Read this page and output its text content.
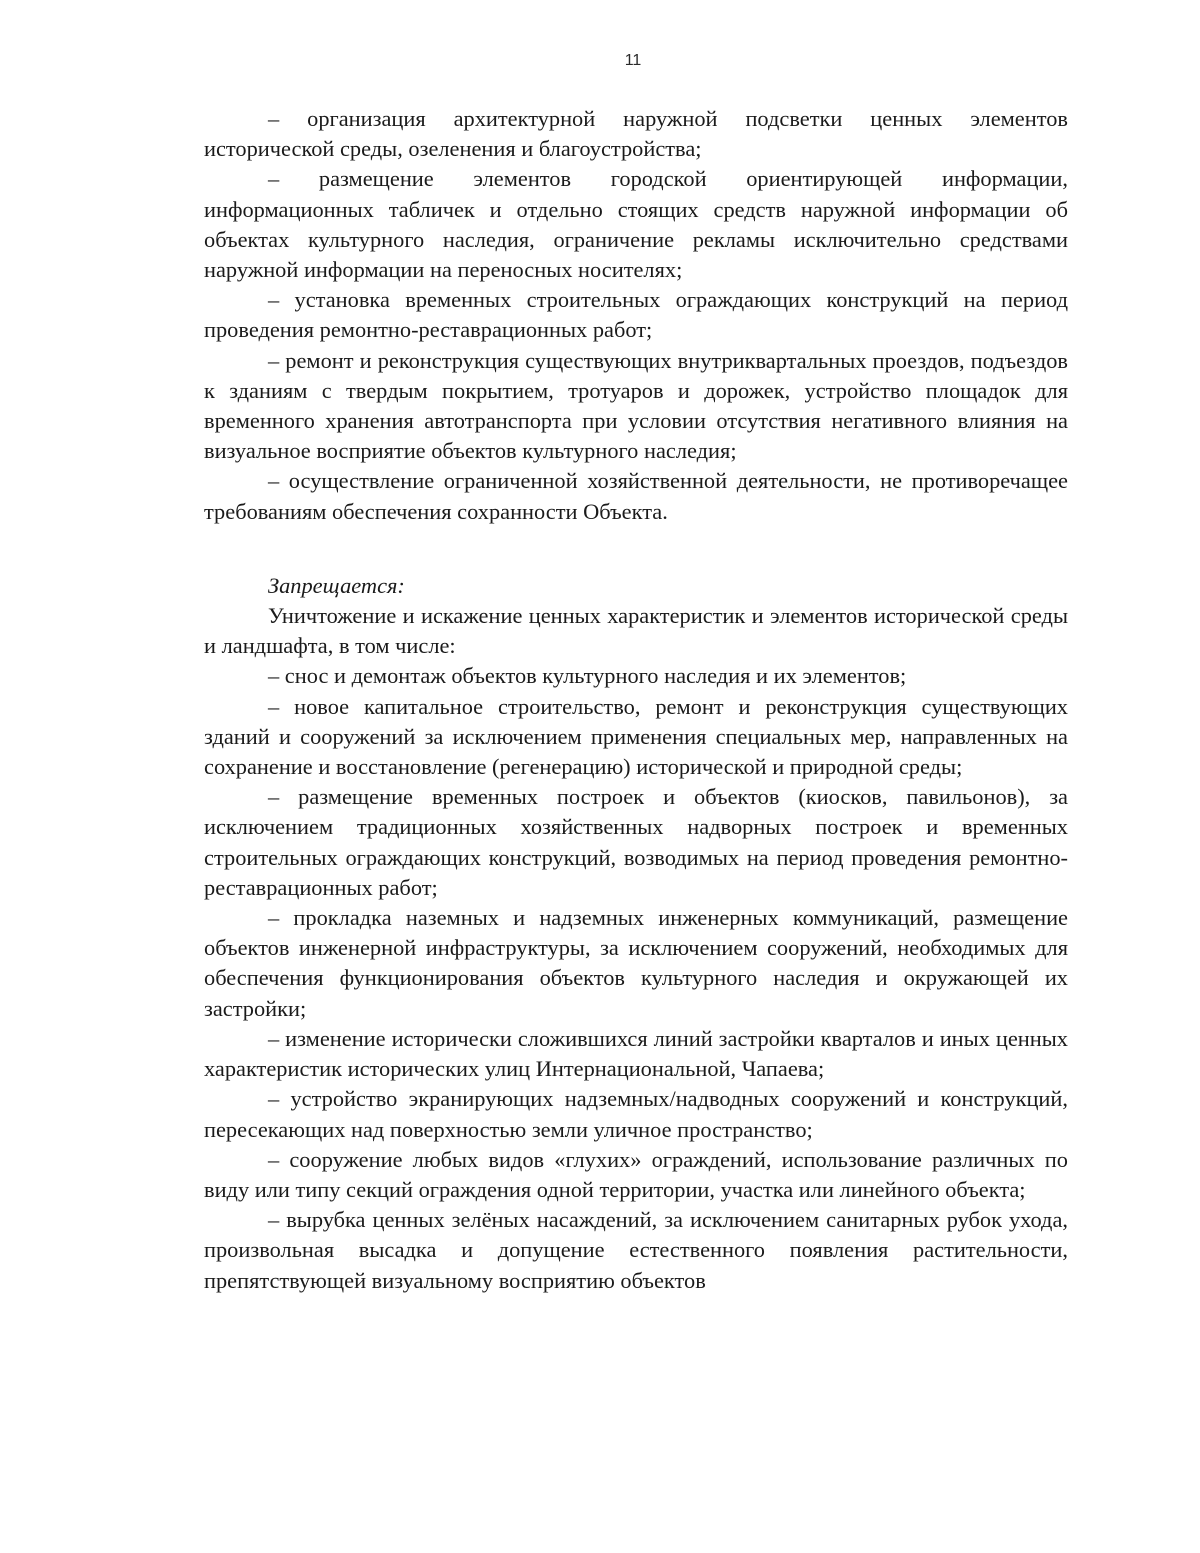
11

– организация архитектурной наружной подсветки ценных элементов исторической среды, озеленения и благоустройства;

– размещение элементов городской ориентирующей информации, информационных табличек и отдельно стоящих средств наружной информации об объектах культурного наследия, ограничение рекламы исключительно средствами наружной информации на переносных носителях;

– установка временных строительных ограждающих конструкций на период проведения ремонтно-реставрационных работ;

– ремонт и реконструкция существующих внутриквартальных проездов, подъездов к зданиям с твердым покрытием, тротуаров и дорожек, устройство площадок для временного хранения автотранспорта при условии отсутствия негативного влияния на визуальное восприятие объектов культурного наследия;

– осуществление ограниченной хозяйственной деятельности, не противоречащее требованиям обеспечения сохранности Объекта.

Запрещается:

Уничтожение и искажение ценных характеристик и элементов исторической среды и ландшафта, в том числе:

– снос и демонтаж объектов культурного наследия и их элементов;

– новое капитальное строительство, ремонт и реконструкция существующих зданий и сооружений за исключением применения специальных мер, направленных на сохранение и восстановление (регенерацию) исторической и природной среды;

– размещение временных построек и объектов (киосков, павильонов), за исключением традиционных хозяйственных надворных построек и временных строительных ограждающих конструкций, возводимых на период проведения ремонтно-реставрационных работ;

– прокладка наземных и надземных инженерных коммуникаций, размещение объектов инженерной инфраструктуры, за исключением сооружений, необходимых для обеспечения функционирования объектов культурного наследия и окружающей их застройки;

– изменение исторически сложившихся линий застройки кварталов и иных ценных характеристик исторических улиц Интернациональной, Чапаева;

– устройство экранирующих надземных/надводных сооружений и конструкций, пересекающих над поверхностью земли уличное пространство;

– сооружение любых видов «глухих» ограждений, использование различных по виду или типу секций ограждения одной территории, участка или линейного объекта;

– вырубка ценных зелёных насаждений, за исключением санитарных рубок ухода, произвольная высадка и допущение естественного появления растительности, препятствующей визуальному восприятию объектов
